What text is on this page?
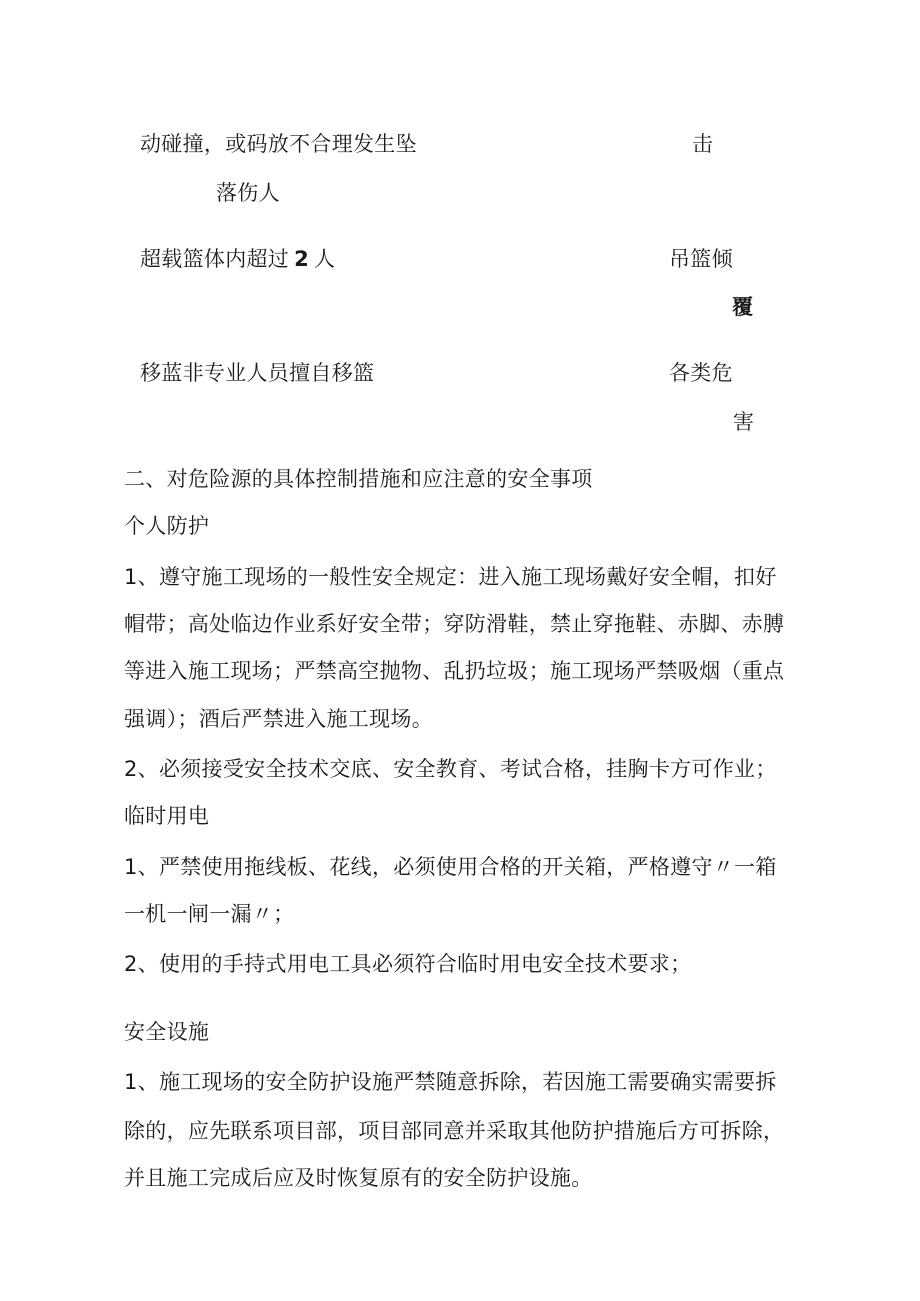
动碰撞，或码放不合理发生坠	击
落伤人
超载篮体内超过 2 人	吊篮倾
覆
移蓝非专业人员擅自移篮	各类危
害
二、对危险源的具体控制措施和应注意的安全事项
个人防护
1、遵守施工现场的一般性安全规定：进入施工现场戴好安全帽，扣好
帽带；高处临边作业系好安全带；穿防滑鞋，禁止穿拖鞋、赤脚、赤膊
等进入施工现场；严禁高空抛物、乱扔垃圾；施工现场严禁吸烟（重点
强调）；酒后严禁进入施工现场。
2、必须接受安全技术交底、安全教育、考试合格，挂胸卡方可作业；
临时用电
1、严禁使用拖线板、花线，必须使用合格的开关箱，严格遵守〃一箱
一机一闸一漏〃；
2、使用的手持式用电工具必须符合临时用电安全技术要求；
安全设施
1、施工现场的安全防护设施严禁随意拆除，若因施工需要确实需要拆
除的，应先联系项目部，项目部同意并采取其他防护措施后方可拆除，
并且施工完成后应及时恢复原有的安全防护设施。
